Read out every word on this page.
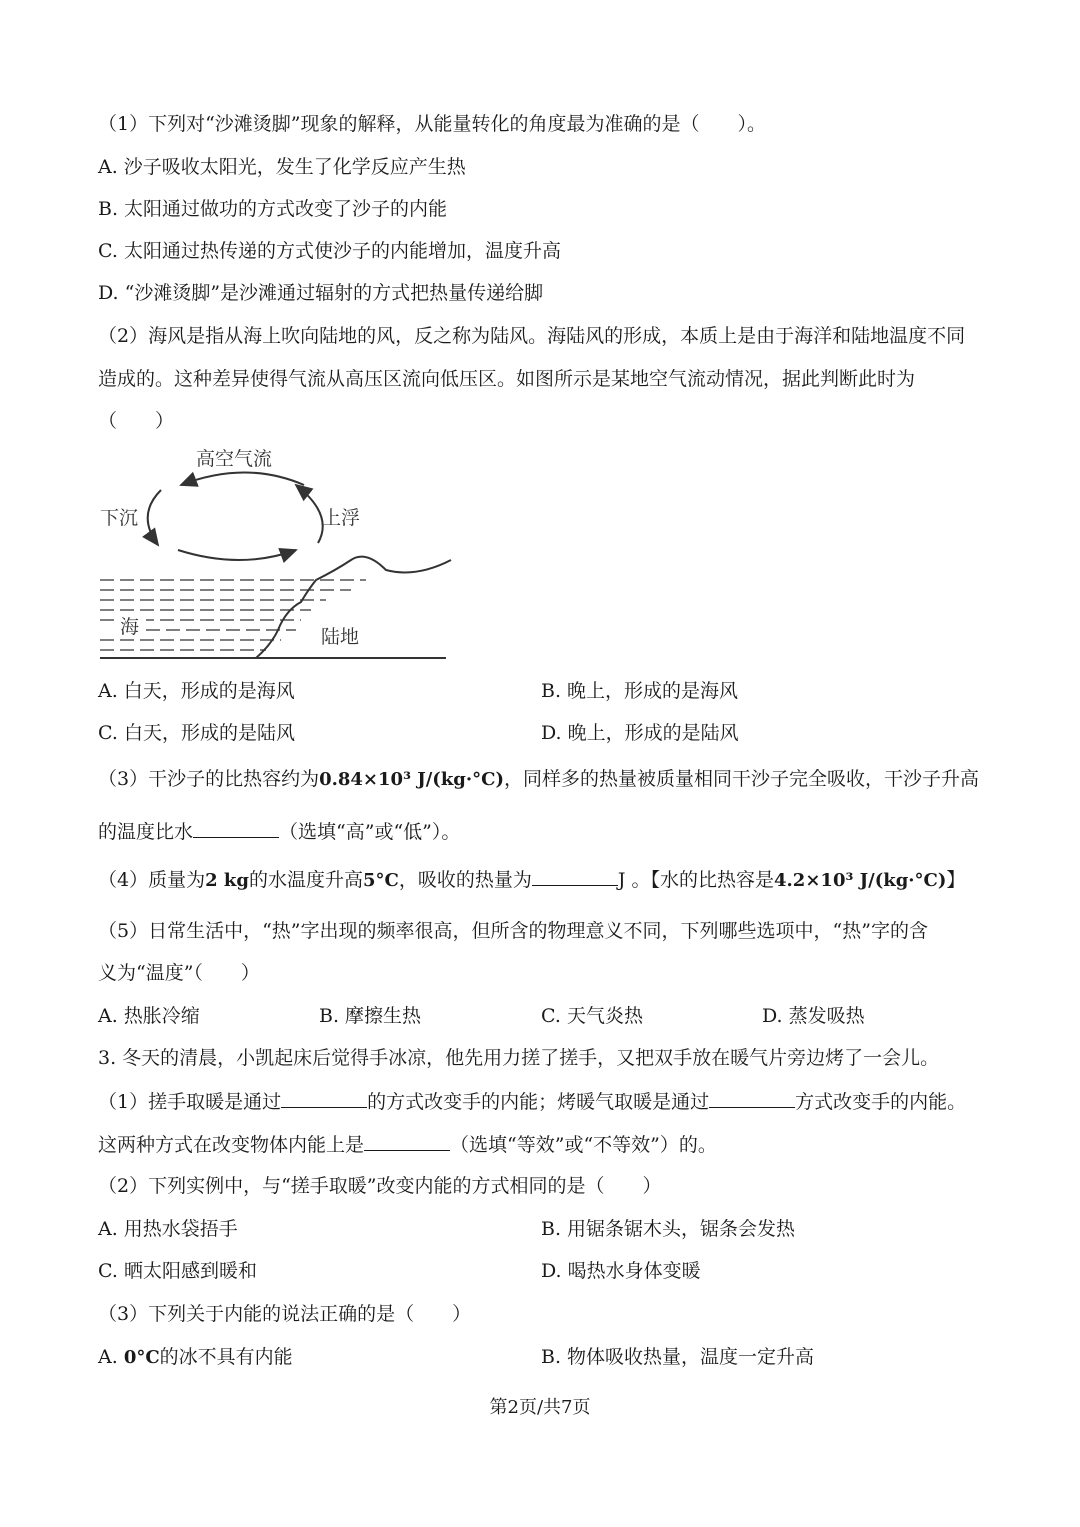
（1）下列对“沙滩烫脚”现象的解释，从能量转化的角度最为准确的是（　　）。
A. 沙子吸收太阳光，发生了化学反应产生热
B. 太阳通过做功的方式改变了沙子的内能
C. 太阳通过热传递的方式使沙子的内能增加，温度升高
D. “沙滩烫脚”是沙滩通过辐射的方式把热量传递给脚
（2）海风是指从海上吹向陆地的风，反之称为陆风。海陆风的形成，本质上是由于海洋和陆地温度不同
造成的。这种差异使得气流从高压区流向低压区。如图所示是某地空气流动情况，据此判断此时为
（　　）
高空气流
下沉	上浮
海	陆地
A. 白天，形成的是海风	B. 晚上，形成的是海风
C. 白天，形成的是陆风	D. 晚上，形成的是陆风
（3）干沙子的比热容约为0.84×10³ J/(kg·°C)，同样多的热量被质量相同干沙子完全吸收，干沙子升高
的温度比水	（选填“高”或“低”）。
（4）质量为2 kg的水温度升高5°C，吸收的热量为	J 。【水的比热容是4.2×10³ J/(kg·°C)】
（5）日常生活中，“热”字出现的频率很高，但所含的物理意义不同，下列哪些选项中，“热”字的含
义为“温度”（　　）
A. 热胀冷缩	B. 摩擦生热	C. 天气炎热	D. 蒸发吸热
3. 冬天的清晨，小凯起床后觉得手冰凉，他先用力搓了搓手，又把双手放在暖气片旁边烤了一会儿。
（1）搓手取暖是通过	的方式改变手的内能；烤暖气取暖是通过	方式改变手的内能。
这两种方式在改变物体内能上是	（选填“等效”或“不等效”）的。
（2）下列实例中，与“搓手取暖”改变内能的方式相同的是（　　）
A. 用热水袋捂手	B. 用锯条锯木头，锯条会发热
C. 晒太阳感到暖和	D. 喝热水身体变暖
（3）下列关于内能的说法正确的是（　　）
A. 0°C的冰不具有内能	B. 物体吸收热量，温度一定升高
第2页/共7页
